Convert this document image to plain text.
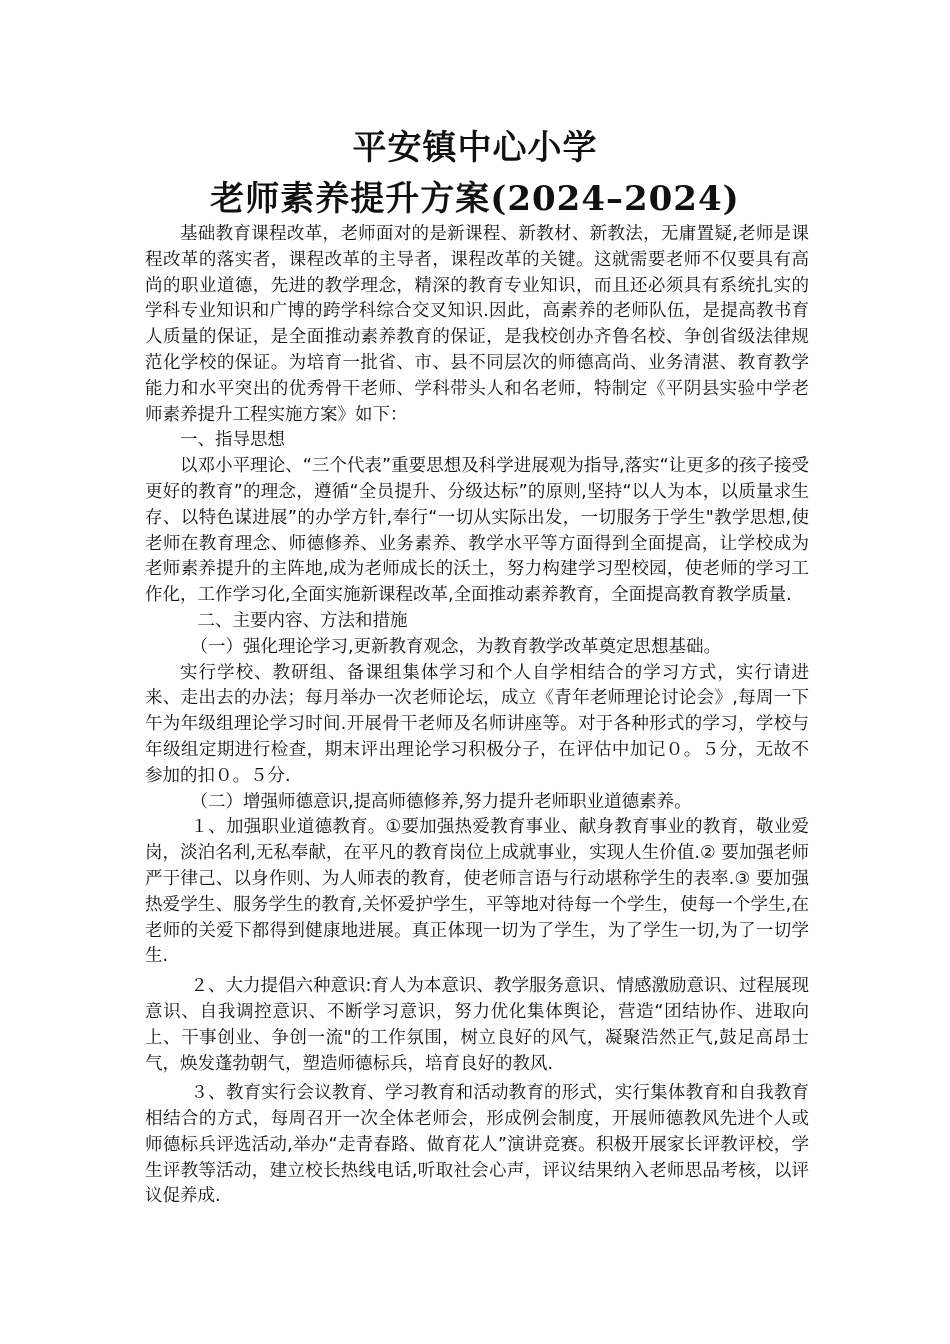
平安镇中心小学
老师素养提升方案(2024–2024)

基础教育课程改革，老师面对的是新课程、新教材、新教法，无庸置疑,老师是课程改革的落实者，课程改革的主导者，课程改革的关键。这就需要老师不仅要具有高尚的职业道德，先进的教学理念，精深的教育专业知识，而且还必须具有系统扎实的学科专业知识和广博的跨学科综合交叉知识.因此，高素养的老师队伍，是提高教书育人质量的保证，是全面推动素养教育的保证，是我校创办齐鲁名校、争创省级法律规范化学校的保证。为培育一批省、市、县不同层次的师德高尚、业务清湛、教育教学能力和水平突出的优秀骨干老师、学科带头人和名老师，特制定《平阴县实验中学老师素养提升工程实施方案》如下：

一、指导思想

以邓小平理论、“三个代表”重要思想及科学进展观为指导,落实“让更多的孩子接受更好的教育”的理念，遵循“全员提升、分级达标”的原则,坚持“以人为本，以质量求生存、以特色谋进展”的办学方针,奉行“一切从实际出发，一切服务于学生"教学思想,使老师在教育理念、师德修养、业务素养、教学水平等方面得到全面提高，让学校成为老师素养提升的主阵地,成为老师成长的沃土，努力构建学习型校园，使老师的学习工作化，工作学习化,全面实施新课程改革,全面推动素养教育，全面提高教育教学质量.

二、主要内容、方法和措施

（一）强化理论学习,更新教育观念，为教育教学改革奠定思想基础。

实行学校、教研组、备课组集体学习和个人自学相结合的学习方式，实行请进来、走出去的办法；每月举办一次老师论坛，成立《青年老师理论讨论会》,每周一下午为年级组理论学习时间.开展骨干老师及名师讲座等。对于各种形式的学习，学校与年级组定期进行检查，期末评出理论学习积极分子，在评估中加记０。５分，无故不参加的扣０。５分.

（二）增强师德意识,提高师德修养,努力提升老师职业道德素养。

１、加强职业道德教育。①要加强热爱教育事业、献身教育事业的教育，敬业爱岗，淡泊名利,无私奉献，在平凡的教育岗位上成就事业，实现人生价值.② 要加强老师严于律己、以身作则、为人师表的教育，使老师言语与行动堪称学生的表率.③ 要加强热爱学生、服务学生的教育,关怀爱护学生，平等地对待每一个学生，使每一个学生,在老师的关爱下都得到健康地进展。真正体现一切为了学生，为了学生一切,为了一切学生.

２、大力提倡六种意识:育人为本意识、教学服务意识、情感激励意识、过程展现意识、自我调控意识、不断学习意识，努力优化集体舆论，营造“团结协作、进取向上、干事创业、争创一流"的工作氛围，树立良好的风气，凝聚浩然正气,鼓足高昂士气，焕发蓬勃朝气，塑造师德标兵，培育良好的教风.

３、教育实行会议教育、学习教育和活动教育的形式，实行集体教育和自我教育相结合的方式，每周召开一次全体老师会，形成例会制度，开展师德教风先进个人或师德标兵评选活动,举办“走青春路、做育花人”演讲竞赛。积极开展家长评教评校，学生评教等活动，建立校长热线电话,听取社会心声，评议结果纳入老师思品考核，以评议促养成.
